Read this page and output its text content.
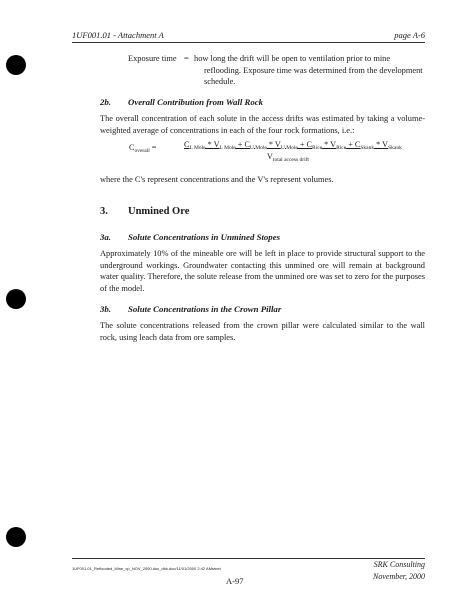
1UF001.01 - Attachment A	page A-6
Exposure time = how long the drift will be open to ventilation prior to mine
reflooding. Exposure time was determined from the development
schedule.
2b. Overall Contribution from Wall Rock
The overall concentration of each solute in the access drifts was estimated by taking a volume-weighted average of concentrations in each of the four rock formations, i.e.:
$C_{overall}$ =	$C_{L Mole} * V_{L Mole} + C_{U Mole} * V_{U Mole} + C_{Rice} * V_{Rice} + C_{Skank} * V_{Skank}$
$V_{total access drift}$
where the C's represent concentrations and the V's represent volumes.
3. Unmined Ore
3a. Solute Concentrations in Unmined Stopes
Approximately 10% of the mineable ore will be left in place to provide structural support to the underground workings. Groundwater contacting this unmined ore will remain at background water quality. Therefore, the solute release from the unmined ore was set to zero for the purposes of the model.
3b. Solute Concentrations in the Crown Pillar
The solute concentrations released from the crown pillar were calculated similar to the wall rock, using leach data from ore samples.
1UF001.01_Reflooded_Mine_cp_NOV_2000.doc_dbk.doc/11/01/2000 2:42 AMstnet	SRK Consulting
November, 2000
A-97
